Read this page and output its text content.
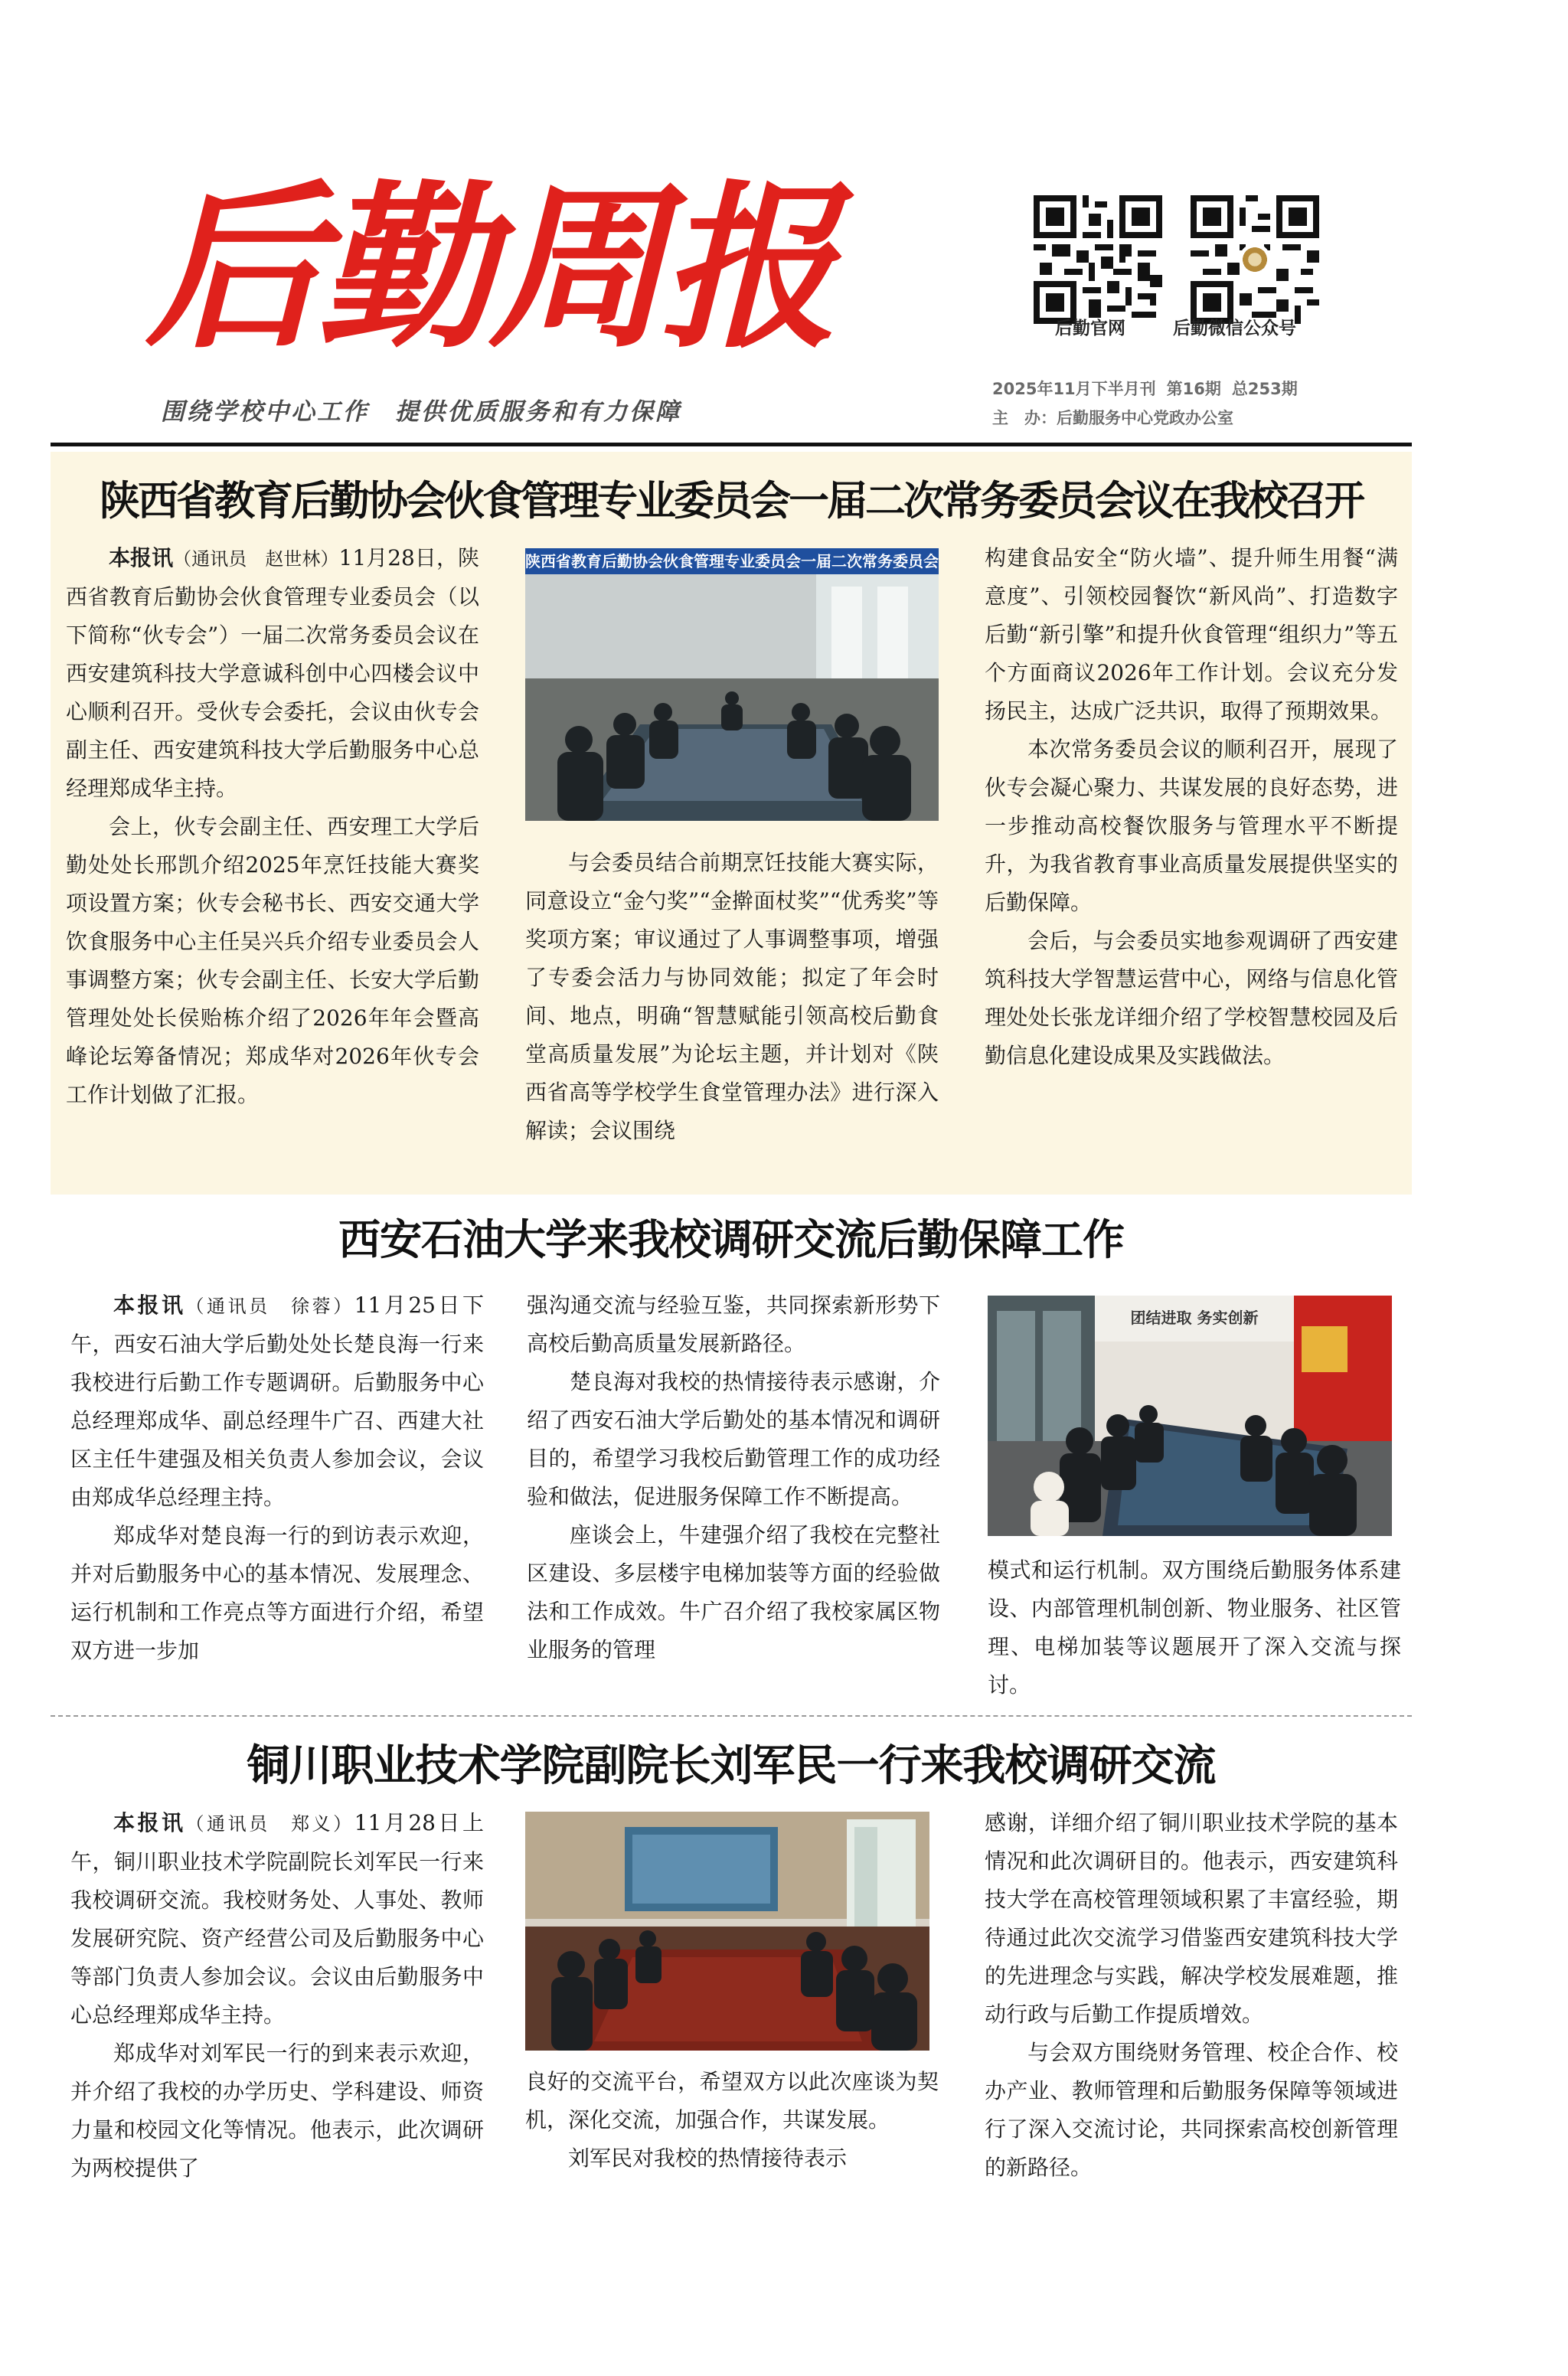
后勤周报
围绕学校中心工作　提供优质服务和有力保障
后勤官网	后勤微信公众号
2025年11月下半月刊 第16期 总253期
主　办：后勤服务中心党政办公室
陕西省教育后勤协会伙食管理专业委员会一届二次常务委员会议在我校召开

本报讯（通讯员　赵世林）11月28日，陕西省教育后勤协会伙食管理专业委员会（以下简称“伙专会”）一届二次常务委员会议在西安建筑科技大学意诚科创中心四楼会议中心顺利召开。受伙专会委托，会议由伙专会副主任、西安建筑科技大学后勤服务中心总经理郑成华主持。

会上，伙专会副主任、西安理工大学后勤处处长邢凯介绍2025年烹饪技能大赛奖项设置方案；伙专会秘书长、西安交通大学饮食服务中心主任吴兴兵介绍专业委员会人事调整方案；伙专会副主任、长安大学后勤管理处处长侯贻栋介绍了2026年年会暨高峰论坛筹备情况；郑成华对2026年伙专会工作计划做了汇报。

陕西省教育后勤协会伙食管理专业委员会一届二次常务委员会

与会委员结合前期烹饪技能大赛实际，同意设立“金勺奖”“金擀面杖奖”“优秀奖”等奖项方案；审议通过了人事调整事项，增强了专委会活力与协同效能；拟定了年会时间、地点，明确“智慧赋能引领高校后勤食堂高质量发展”为论坛主题，并计划对《陕西省高等学校学生食堂管理办法》进行深入解读；会议围绕

构建食品安全“防火墙”、提升师生用餐“满意度”、引领校园餐饮“新风尚”、打造数字后勤“新引擎”和提升伙食管理“组织力”等五个方面商议2026年工作计划。会议充分发扬民主，达成广泛共识，取得了预期效果。

本次常务委员会议的顺利召开，展现了伙专会凝心聚力、共谋发展的良好态势，进一步推动高校餐饮服务与管理水平不断提升，为我省教育事业高质量发展提供坚实的后勤保障。

会后，与会委员实地参观调研了西安建筑科技大学智慧运营中心，网络与信息化管理处处长张龙详细介绍了学校智慧校园及后勤信息化建设成果及实践做法。

西安石油大学来我校调研交流后勤保障工作

本报讯（通讯员　徐蓉）11月25日下午，西安石油大学后勤处处长楚良海一行来我校进行后勤工作专题调研。后勤服务中心总经理郑成华、副总经理牛广召、西建大社区主任牛建强及相关负责人参加会议，会议由郑成华总经理主持。

郑成华对楚良海一行的到访表示欢迎，并对后勤服务中心的基本情况、发展理念、运行机制和工作亮点等方面进行介绍，希望双方进一步加

强沟通交流与经验互鉴，共同探索新形势下高校后勤高质量发展新路径。

楚良海对我校的热情接待表示感谢，介绍了西安石油大学后勤处的基本情况和调研目的，希望学习我校后勤管理工作的成功经验和做法，促进服务保障工作不断提高。

座谈会上，牛建强介绍了我校在完整社区建设、多层楼宇电梯加装等方面的经验做法和工作成效。牛广召介绍了我校家属区物业服务的管理

团结进取 务实创新

模式和运行机制。双方围绕后勤服务体系建设、内部管理机制创新、物业服务、社区管理、电梯加装等议题展开了深入交流与探讨。

铜川职业技术学院副院长刘军民一行来我校调研交流

本报讯（通讯员　郑义）11月28日上午，铜川职业技术学院副院长刘军民一行来我校调研交流。我校财务处、人事处、教师发展研究院、资产经营公司及后勤服务中心等部门负责人参加会议。会议由后勤服务中心总经理郑成华主持。

郑成华对刘军民一行的到来表示欢迎，并介绍了我校的办学历史、学科建设、师资力量和校园文化等情况。他表示，此次调研为两校提供了

良好的交流平台，希望双方以此次座谈为契机，深化交流，加强合作，共谋发展。

刘军民对我校的热情接待表示

感谢，详细介绍了铜川职业技术学院的基本情况和此次调研目的。他表示，西安建筑科技大学在高校管理领域积累了丰富经验，期待通过此次交流学习借鉴西安建筑科技大学的先进理念与实践，解决学校发展难题，推动行政与后勤工作提质增效。

与会双方围绕财务管理、校企合作、校办产业、教师管理和后勤服务保障等领域进行了深入交流讨论，共同探索高校创新管理的新路径。
